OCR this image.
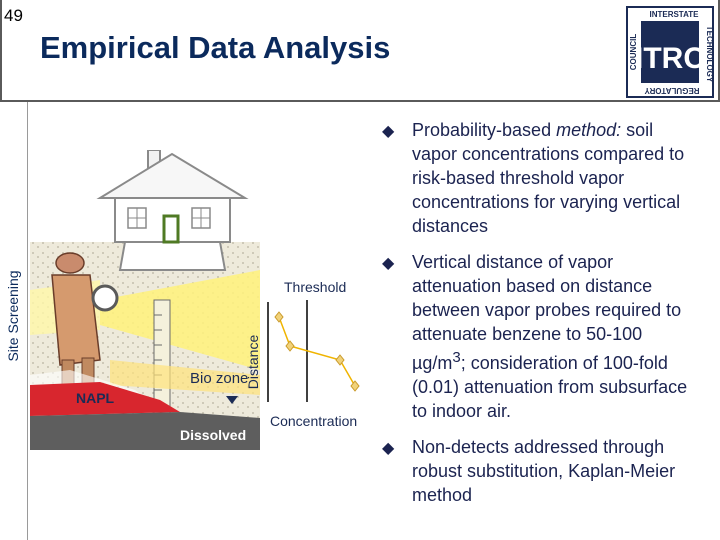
49
Empirical Data Analysis
Site Screening
ITRC
INTERSTATE
REGULATORY
TECHNOLOGY
COUNCIL
Bio zone
NAPL
Dissolved
Threshold
Distance
Concentration
◆ Probability-based method: soil vapor concentrations compared to risk-based threshold vapor concentrations for varying vertical distances
◆ Vertical distance of vapor attenuation based on distance between vapor probes required to attenuate benzene to 50-100 $\mu g/m^3$; consideration of 100-fold (0.01) attenuation from subsurface to indoor air.
◆ Non-detects addressed through robust substitution, Kaplan-Meier method
